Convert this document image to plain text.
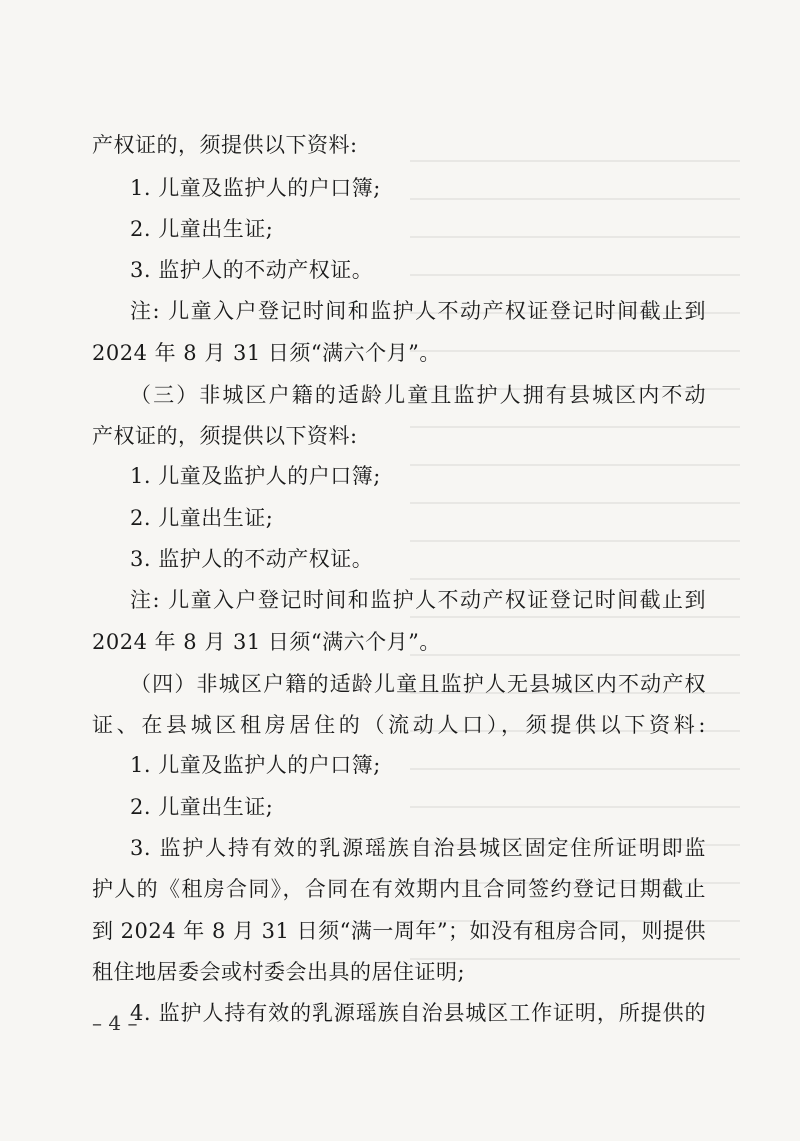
产权证的，须提供以下资料:
1. 儿童及监护人的户口簿;
2. 儿童出生证;
3. 监护人的不动产权证。
注: 儿童入户登记时间和监护人不动产权证登记时间截止到
2024 年 8 月 31 日须“满六个月”。
（三）非城区户籍的适龄儿童且监护人拥有县城区内不动
产权证的，须提供以下资料:
1. 儿童及监护人的户口簿;
2. 儿童出生证;
3. 监护人的不动产权证。
注: 儿童入户登记时间和监护人不动产权证登记时间截止到
2024 年 8 月 31 日须“满六个月”。
（四）非城区户籍的适龄儿童且监护人无县城区内不动产权
证、在县城区租房居住的（流动人口），须提供以下资料:
1. 儿童及监护人的户口簿;
2. 儿童出生证;
3. 监护人持有效的乳源瑶族自治县城区固定住所证明即监
护人的《租房合同》，合同在有效期内且合同签约登记日期截止
到 2024 年 8 月 31 日须“满一周年”；如没有租房合同，则提供
租住地居委会或村委会出具的居住证明;
4. 监护人持有效的乳源瑶族自治县城区工作证明，所提供的
– 4 –
